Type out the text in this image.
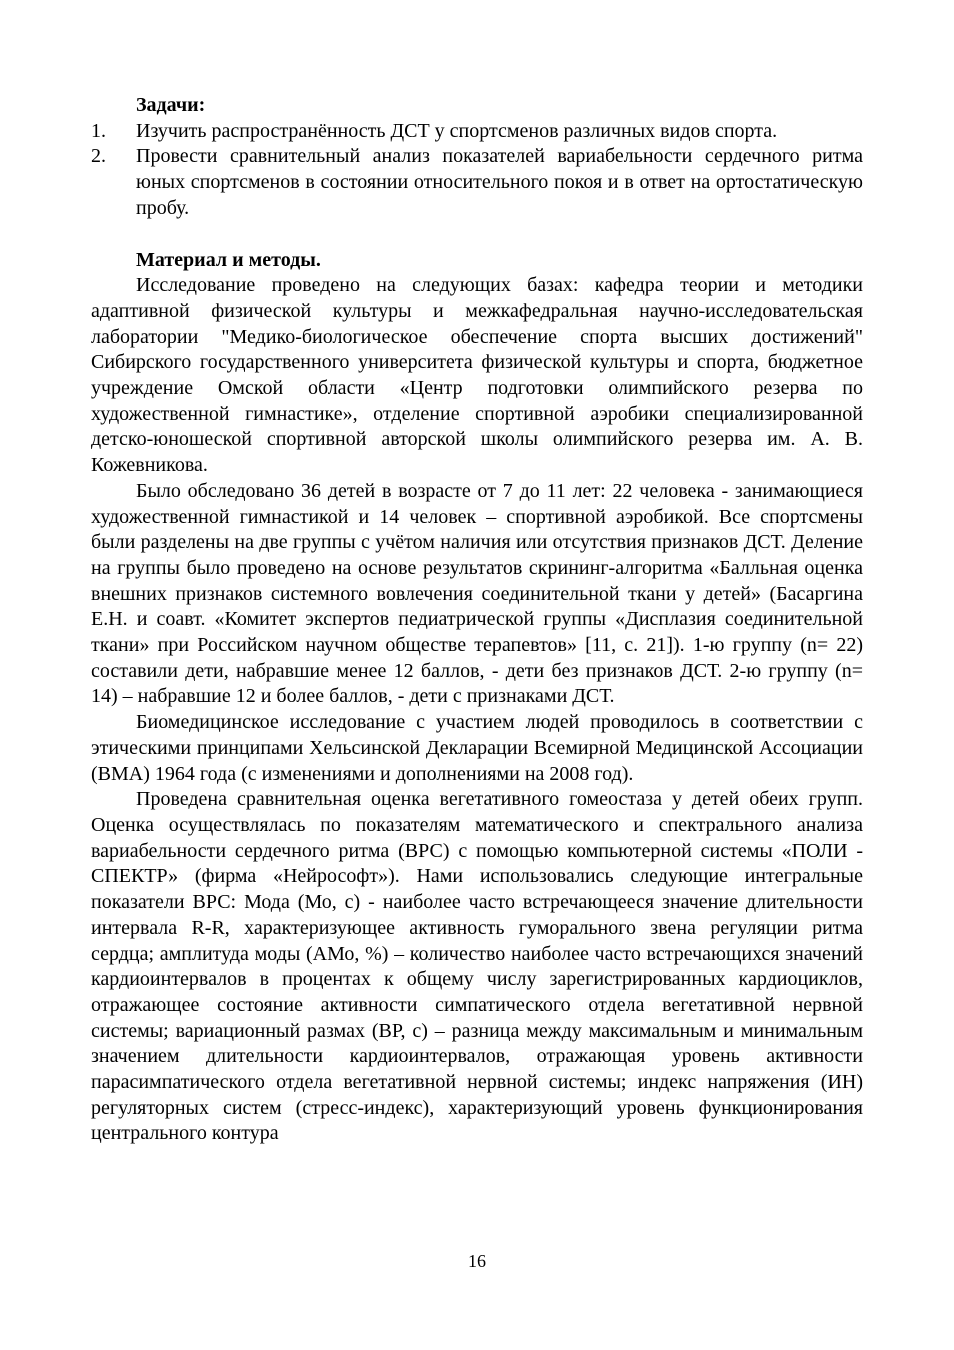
Задачи:
1.	Изучить распространённость ДСТ у спортсменов различных видов спорта.
2.	Провести сравнительный анализ показателей вариабельности сердечного ритма юных спортсменов в состоянии относительного покоя и в ответ на ортостатическую пробу.
Материал и методы.

Исследование проведено на следующих базах: кафедра теории и методики адаптивной физической культуры и межкафедральная научно-исследовательская лаборатории "Медико-биологическое обеспечение спорта высших достижений" Сибирского государственного университета физической культуры и спорта, бюджетное учреждение Омской области «Центр подготовки олимпийского резерва по художественной гимнастике», отделение спортивной аэробики специализированной детско-юношеской спортивной авторской школы олимпийского резерва им. А. В. Кожевникова.

Было обследовано 36 детей в возрасте от 7 до 11 лет: 22 человека - занимающиеся художественной гимнастикой и 14 человек – спортивной аэробикой. Все спортсмены были разделены на две группы с учётом наличия или отсутствия признаков ДСТ. Деление на группы было проведено на основе результатов скрининг-алгоритма «Балльная оценка внешних признаков системного вовлечения соединительной ткани у детей» (Басаргина Е.Н. и соавт. «Комитет экспертов педиатрической группы «Дисплазия соединительной ткани» при Российском научном обществе терапевтов» [11, с. 21]). 1-ю группу (n= 22) составили дети, набравшие менее 12 баллов, - дети без признаков ДСТ. 2-ю группу (n= 14) – набравшие 12 и более баллов, - дети с признаками ДСТ.

Биомедицинское исследование с участием людей проводилось в соответствии с этическими принципами Хельсинской Декларации Всемирной Медицинской Ассоциации (ВМА) 1964 года (с изменениями и дополнениями на 2008 год).

Проведена сравнительная оценка вегетативного гомеостаза у детей обеих групп. Оценка осуществлялась по показателям математического и спектрального анализа вариабельности сердечного ритма (ВРС) с помощью компьютерной системы «ПОЛИ - СПЕКТР» (фирма «Нейрософт»). Нами использовались следующие интегральные показатели ВРС: Мода (Мо, с) - наиболее часто встречающееся значение длительности интервала R-R, характеризующее активность гуморального звена регуляции ритма сердца; амплитуда моды (АМо, %) – количество наиболее часто встречающихся значений кардиоинтервалов в процентах к общему числу зарегистрированных кардиоциклов, отражающее состояние активности симпатического отдела вегетативной нервной системы; вариационный размах (ВР, с) – разница между максимальным и минимальным значением длительности кардиоинтервалов, отражающая уровень активности парасимпатического отдела вегетативной нервной системы; индекс напряжения (ИН) регуляторных систем (стресс-индекс), характеризующий уровень функционирования центрального контура

16
